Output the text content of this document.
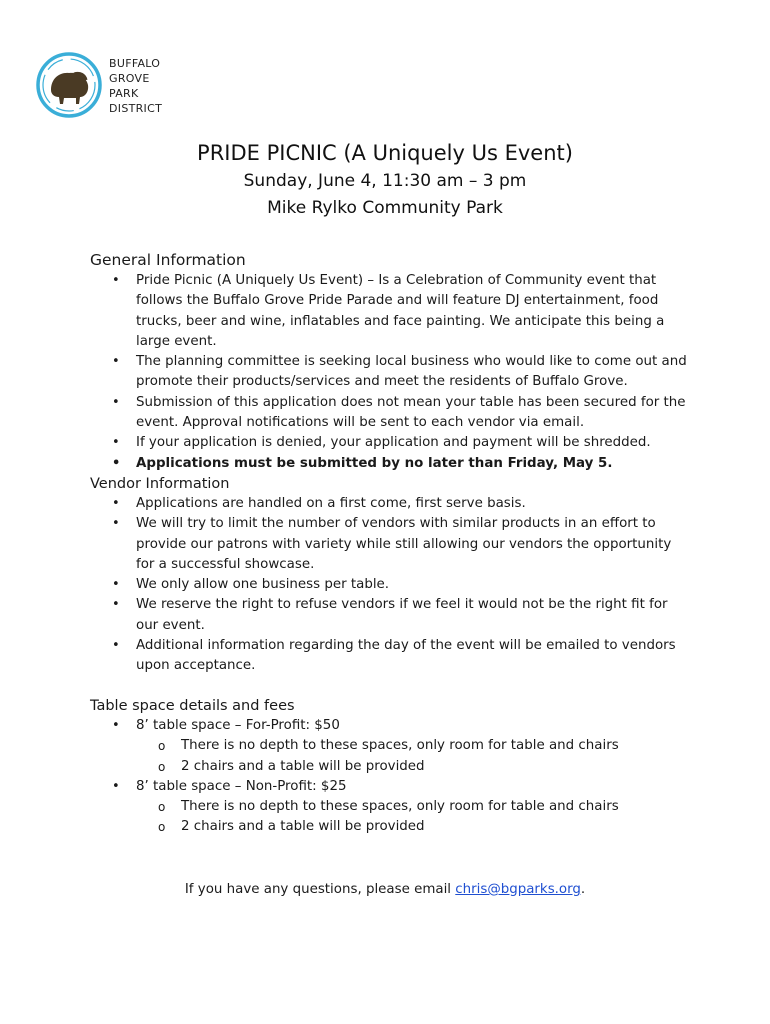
BUFFALO
GROVE
PARK
DISTRICT
PRIDE PICNIC (A Uniquely Us Event)
Sunday, June 4, 11:30 am – 3 pm
Mike Rylko Community Park
General Information
• Pride Picnic (A Uniquely Us Event) – Is a Celebration of Community event that follows the Buffalo Grove Pride Parade and will feature DJ entertainment, food trucks, beer and wine, inflatables and face painting. We anticipate this being a large event.
• The planning committee is seeking local business who would like to come out and promote their products/services and meet the residents of Buffalo Grove.
• Submission of this application does not mean your table has been secured for the event. Approval notifications will be sent to each vendor via email.
• If your application is denied, your application and payment will be shredded.
• Applications must be submitted by no later than Friday, May 5.
Vendor Information
• Applications are handled on a first come, first serve basis.
• We will try to limit the number of vendors with similar products in an effort to provide our patrons with variety while still allowing our vendors the opportunity for a successful showcase.
• We only allow one business per table.
• We reserve the right to refuse vendors if we feel it would not be the right fit for our event.
• Additional information regarding the day of the event will be emailed to vendors upon acceptance.
Table space details and fees
• 8’ table space – For-Profit: $50
o There is no depth to these spaces, only room for table and chairs
o 2 chairs and a table will be provided
• 8’ table space – Non-Profit: $25
o There is no depth to these spaces, only room for table and chairs
o 2 chairs and a table will be provided
If you have any questions, please email chris@bgparks.org.
